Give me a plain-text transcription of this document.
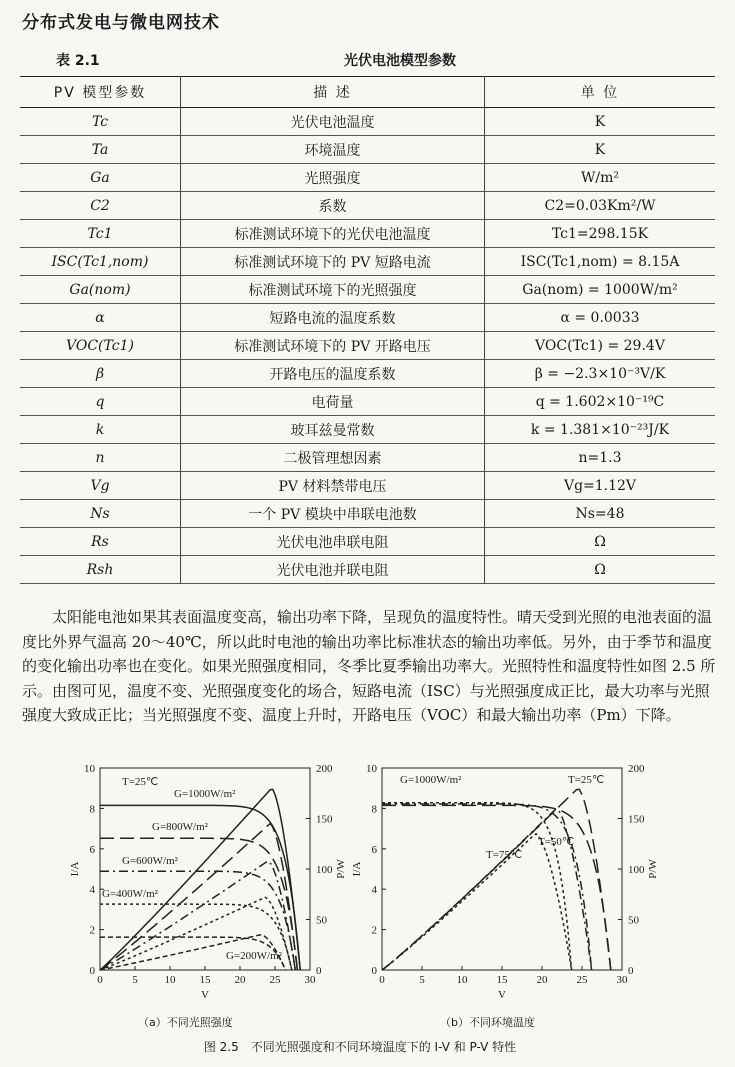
分布式发电与微电网技术
表 2.1	光伏电池模型参数
PV 模型参数	描 述	单 位
Tc	光伏电池温度	K
Ta	环境温度	K
Ga	光照强度	W/m²
C2	系数	C2=0.03Km²/W
Tc1	标准测试环境下的光伏电池温度	Tc1=298.15K
ISC(Tc1,nom)	标准测试环境下的 PV 短路电流	ISC(Tc1,nom) = 8.15A
Ga(nom)	标准测试环境下的光照强度	Ga(nom) = 1000W/m²
α	短路电流的温度系数	α = 0.0033
VOC(Tc1)	标准测试环境下的 PV 开路电压	VOC(Tc1) = 29.4V
β	开路电压的温度系数	β = −2.3×10⁻³V/K
q	电荷量	q = 1.602×10⁻¹⁹C
k	玻耳兹曼常数	k = 1.381×10⁻²³J/K
n	二极管理想因素	n=1.3
Vg	PV 材料禁带电压	Vg=1.12V
Ns	一个 PV 模块中串联电池数	Ns=48
Rs	光伏电池串联电阻	Ω
Rsh	光伏电池并联电阻	Ω

太阳能电池如果其表面温度变高，输出功率下降，呈现负的温度特性。晴天受到光照的电池表面的温度比外界气温高 20～40℃，所以此时电池的输出功率比标准状态的输出功率低。另外，由于季节和温度的变化输出功率也在变化。如果光照强度相同，冬季比夏季输出功率大。光照特性和温度特性如图 2.5 所示。由图可见，温度不变、光照强度变化的场合，短路电流（ISC）与光照强度成正比，最大功率与光照强度大致成正比；当光照强度不变、温度上升时，开路电压（VOC）和最大输出功率（Pm）下降。

0	5 10 15 20 25 30
0
2
4
6
8
10
0
50
100
150
200
V
I/A	P/W
0	5	10	15	20	25	30
0
2
4
6
8
10
0
50
100
150
200
V
I/A	P/W
T=25℃
G=1000W/m²
G=800W/m²
G=600W/m²
G=400W/m²
G=200W/m²
G=1000W/m²	T=25℃
T=50℃
T=75℃
（a）不同光照强度	（b）不同环境温度
图 2.5　不同光照强度和不同环境温度下的 I-V 和 P-V 特性
